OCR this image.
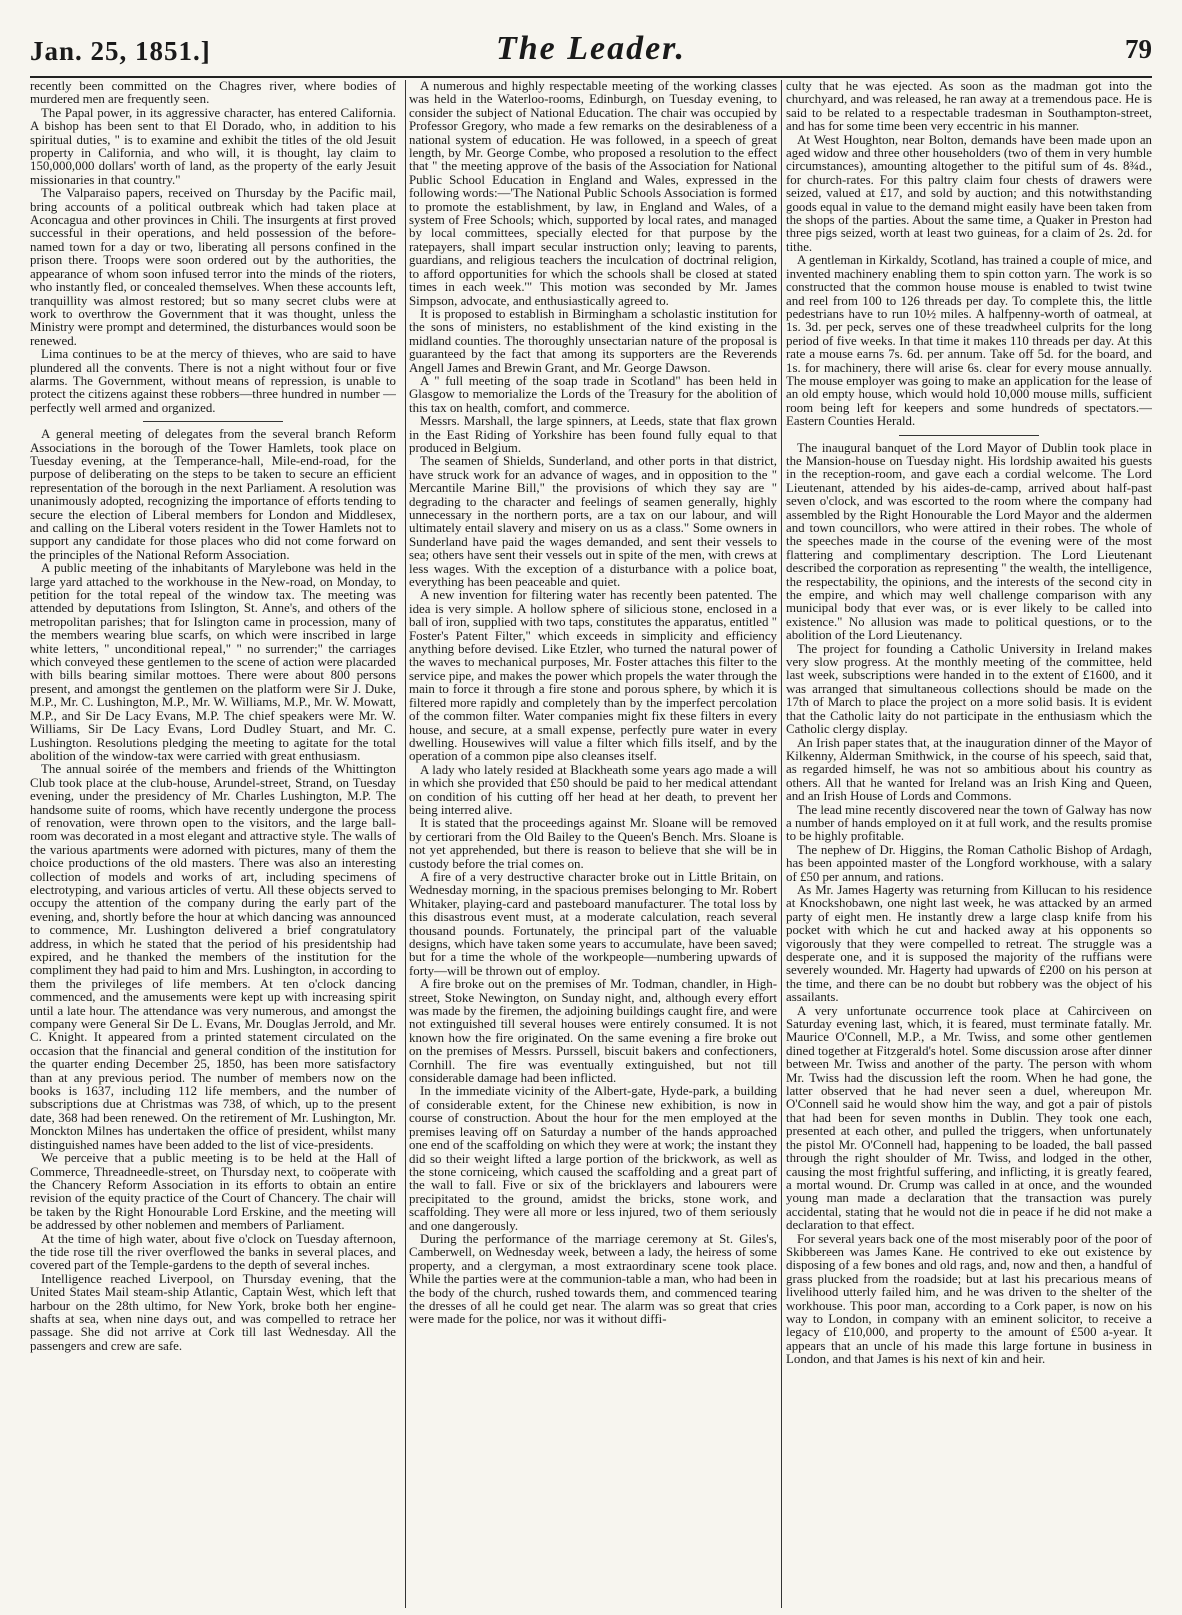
Jan. 25, 1851.]	The Leader.	79

recently been committed on the Chagres river, where bodies of murdered men are frequently seen.

The Papal power, in its aggressive character, has entered California. A bishop has been sent to that El Dorado, who, in addition to his spiritual duties, " is to examine and exhibit the titles of the old Jesuit property in California, and who will, it is thought, lay claim to 150,000,000 dollars' worth of land, as the property of the early Jesuit missionaries in that country."

The Valparaiso papers, received on Thursday by the Pacific mail, bring accounts of a political outbreak which had taken place at Aconcagua and other provinces in Chili. The insurgents at first proved successful in their operations, and held possession of the before-named town for a day or two, liberating all persons confined in the prison there. Troops were soon ordered out by the authorities, the appearance of whom soon infused terror into the minds of the rioters, who instantly fled, or concealed themselves. When these accounts left, tranquillity was almost restored; but so many secret clubs were at work to overthrow the Government that it was thought, unless the Ministry were prompt and determined, the disturbances would soon be renewed.

Lima continues to be at the mercy of thieves, who are said to have plundered all the convents. There is not a night without four or five alarms. The Government, without means of repression, is unable to protect the citizens against these robbers—three hundred in number —perfectly well armed and organized.

A general meeting of delegates from the several branch Reform Associations in the borough of the Tower Hamlets, took place on Tuesday evening, at the Temperance-hall, Mile-end-road, for the purpose of deliberating on the steps to be taken to secure an efficient representation of the borough in the next Parliament. A resolution was unanimously adopted, recognizing the importance of efforts tending to secure the election of Liberal members for London and Middlesex, and calling on the Liberal voters resident in the Tower Hamlets not to support any candidate for those places who did not come forward on the principles of the National Reform Association.

A public meeting of the inhabitants of Marylebone was held in the large yard attached to the workhouse in the New-road, on Monday, to petition for the total repeal of the window tax. The meeting was attended by deputations from Islington, St. Anne's, and others of the metropolitan parishes; that for Islington came in procession, many of the members wearing blue scarfs, on which were inscribed in large white letters, " unconditional repeal," " no surrender;" the carriages which conveyed these gentlemen to the scene of action were placarded with bills bearing similar mottoes. There were about 800 persons present, and amongst the gentlemen on the platform were Sir J. Duke, M.P., Mr. C. Lushington, M.P., Mr. W. Williams, M.P., Mr. W. Mowatt, M.P., and Sir De Lacy Evans, M.P. The chief speakers were Mr. W. Williams, Sir De Lacy Evans, Lord Dudley Stuart, and Mr. C. Lushington. Resolutions pledging the meeting to agitate for the total abolition of the window-tax were carried with great enthusiasm.

The annual soirée of the members and friends of the Whittington Club took place at the club-house, Arundel-street, Strand, on Tuesday evening, under the presidency of Mr. Charles Lushington, M.P. The handsome suite of rooms, which have recently undergone the process of renovation, were thrown open to the visitors, and the large ball-room was decorated in a most elegant and attractive style. The walls of the various apartments were adorned with pictures, many of them the choice productions of the old masters. There was also an interesting collection of models and works of art, including specimens of electrotyping, and various articles of vertu. All these objects served to occupy the attention of the company during the early part of the evening, and, shortly before the hour at which dancing was announced to commence, Mr. Lushington delivered a brief congratulatory address, in which he stated that the period of his presidentship had expired, and he thanked the members of the institution for the compliment they had paid to him and Mrs. Lushington, in according to them the privileges of life members. At ten o'clock dancing commenced, and the amusements were kept up with increasing spirit until a late hour. The attendance was very numerous, and amongst the company were General Sir De L. Evans, Mr. Douglas Jerrold, and Mr. C. Knight. It appeared from a printed statement circulated on the occasion that the financial and general condition of the institution for the quarter ending December 25, 1850, has been more satisfactory than at any previous period. The number of members now on the books is 1637, including 112 life members, and the number of subscriptions due at Christmas was 738, of which, up to the present date, 368 had been renewed. On the retirement of Mr. Lushington, Mr. Monckton Milnes has undertaken the office of president, whilst many distinguished names have been added to the list of vice-presidents.

We perceive that a public meeting is to be held at the Hall of Commerce, Threadneedle-street, on Thursday next, to coöperate with the Chancery Reform Association in its efforts to obtain an entire revision of the equity practice of the Court of Chancery. The chair will be taken by the Right Honourable Lord Erskine, and the meeting will be addressed by other noblemen and members of Parliament.

At the time of high water, about five o'clock on Tuesday afternoon, the tide rose till the river overflowed the banks in several places, and covered part of the Temple-gardens to the depth of several inches.

Intelligence reached Liverpool, on Thursday evening, that the United States Mail steam-ship Atlantic, Captain West, which left that harbour on the 28th ultimo, for New York, broke both her engine-shafts at sea, when nine days out, and was compelled to retrace her passage. She did not arrive at Cork till last Wednesday. All the passengers and crew are safe.

A numerous and highly respectable meeting of the working classes was held in the Waterloo-rooms, Edinburgh, on Tuesday evening, to consider the subject of National Education. The chair was occupied by Professor Gregory, who made a few remarks on the desirableness of a national system of education. He was followed, in a speech of great length, by Mr. George Combe, who proposed a resolution to the effect that " the meeting approve of the basis of the Association for National Public School Education in England and Wales, expressed in the following words:—'The National Public Schools Association is formed to promote the establishment, by law, in England and Wales, of a system of Free Schools; which, supported by local rates, and managed by local committees, specially elected for that purpose by the ratepayers, shall impart secular instruction only; leaving to parents, guardians, and religious teachers the inculcation of doctrinal religion, to afford opportunities for which the schools shall be closed at stated times in each week.'" This motion was seconded by Mr. James Simpson, advocate, and enthusiastically agreed to.

It is proposed to establish in Birmingham a scholastic institution for the sons of ministers, no establishment of the kind existing in the midland counties. The thoroughly unsectarian nature of the proposal is guaranteed by the fact that among its supporters are the Reverends Angell James and Brewin Grant, and Mr. George Dawson.

A " full meeting of the soap trade in Scotland" has been held in Glasgow to memorialize the Lords of the Treasury for the abolition of this tax on health, comfort, and commerce.

Messrs. Marshall, the large spinners, at Leeds, state that flax grown in the East Riding of Yorkshire has been found fully equal to that produced in Belgium.

The seamen of Shields, Sunderland, and other ports in that district, have struck work for an advance of wages, and in opposition to the " Mercantile Marine Bill," the provisions of which they say are " degrading to the character and feelings of seamen generally, highly unnecessary in the northern ports, are a tax on our labour, and will ultimately entail slavery and misery on us as a class." Some owners in Sunderland have paid the wages demanded, and sent their vessels to sea; others have sent their vessels out in spite of the men, with crews at less wages. With the exception of a disturbance with a police boat, everything has been peaceable and quiet.

A new invention for filtering water has recently been patented. The idea is very simple. A hollow sphere of silicious stone, enclosed in a ball of iron, supplied with two taps, constitutes the apparatus, entitled " Foster's Patent Filter," which exceeds in simplicity and efficiency anything before devised. Like Etzler, who turned the natural power of the waves to mechanical purposes, Mr. Foster attaches this filter to the service pipe, and makes the power which propels the water through the main to force it through a fire stone and porous sphere, by which it is filtered more rapidly and completely than by the imperfect percolation of the common filter. Water companies might fix these filters in every house, and secure, at a small expense, perfectly pure water in every dwelling. Housewives will value a filter which fills itself, and by the operation of a common pipe also cleanses itself.

A lady who lately resided at Blackheath some years ago made a will in which she provided that £50 should be paid to her medical attendant on condition of his cutting off her head at her death, to prevent her being interred alive.

It is stated that the proceedings against Mr. Sloane will be removed by certiorari from the Old Bailey to the Queen's Bench. Mrs. Sloane is not yet apprehended, but there is reason to believe that she will be in custody before the trial comes on.

A fire of a very destructive character broke out in Little Britain, on Wednesday morning, in the spacious premises belonging to Mr. Robert Whitaker, playing-card and pasteboard manufacturer. The total loss by this disastrous event must, at a moderate calculation, reach several thousand pounds. Fortunately, the principal part of the valuable designs, which have taken some years to accumulate, have been saved; but for a time the whole of the workpeople—numbering upwards of forty—will be thrown out of employ.

A fire broke out on the premises of Mr. Todman, chandler, in High-street, Stoke Newington, on Sunday night, and, although every effort was made by the firemen, the adjoining buildings caught fire, and were not extinguished till several houses were entirely consumed. It is not known how the fire originated. On the same evening a fire broke out on the premises of Messrs. Purssell, biscuit bakers and confectioners, Cornhill. The fire was eventually extinguished, but not till considerable damage had been inflicted.

In the immediate vicinity of the Albert-gate, Hyde-park, a building of considerable extent, for the Chinese new exhibition, is now in course of construction. About the hour for the men employed at the premises leaving off on Saturday a number of the hands approached one end of the scaffolding on which they were at work; the instant they did so their weight lifted a large portion of the brickwork, as well as the stone corniceing, which caused the scaffolding and a great part of the wall to fall. Five or six of the bricklayers and labourers were precipitated to the ground, amidst the bricks, stone work, and scaffolding. They were all more or less injured, two of them seriously and one dangerously.

During the performance of the marriage ceremony at St. Giles's, Camberwell, on Wednesday week, between a lady, the heiress of some property, and a clergyman, a most extraordinary scene took place. While the parties were at the communion-table a man, who had been in the body of the church, rushed towards them, and commenced tearing the dresses of all he could get near. The alarm was so great that cries were made for the police, nor was it without diffi-

culty that he was ejected. As soon as the madman got into the churchyard, and was released, he ran away at a tremendous pace. He is said to be related to a respectable tradesman in Southampton-street, and has for some time been very eccentric in his manner.

At West Houghton, near Bolton, demands have been made upon an aged widow and three other householders (two of them in very humble circumstances), amounting altogether to the pitiful sum of 4s. 8¾d., for church-rates. For this paltry claim four chests of drawers were seized, valued at £17, and sold by auction; and this notwithstanding goods equal in value to the demand might easily have been taken from the shops of the parties. About the same time, a Quaker in Preston had three pigs seized, worth at least two guineas, for a claim of 2s. 2d. for tithe.

A gentleman in Kirkaldy, Scotland, has trained a couple of mice, and invented machinery enabling them to spin cotton yarn. The work is so constructed that the common house mouse is enabled to twist twine and reel from 100 to 126 threads per day. To complete this, the little pedestrians have to run 10½ miles. A halfpenny-worth of oatmeal, at 1s. 3d. per peck, serves one of these treadwheel culprits for the long period of five weeks. In that time it makes 110 threads per day. At this rate a mouse earns 7s. 6d. per annum. Take off 5d. for the board, and 1s. for machinery, there will arise 6s. clear for every mouse annually. The mouse employer was going to make an application for the lease of an old empty house, which would hold 10,000 mouse mills, sufficient room being left for keepers and some hundreds of spectators.—Eastern Counties Herald.

The inaugural banquet of the Lord Mayor of Dublin took place in the Mansion-house on Tuesday night. His lordship awaited his guests in the reception-room, and gave each a cordial welcome. The Lord Lieutenant, attended by his aides-de-camp, arrived about half-past seven o'clock, and was escorted to the room where the company had assembled by the Right Honourable the Lord Mayor and the aldermen and town councillors, who were attired in their robes. The whole of the speeches made in the course of the evening were of the most flattering and complimentary description. The Lord Lieutenant described the corporation as representing " the wealth, the intelligence, the respectability, the opinions, and the interests of the second city in the empire, and which may well challenge comparison with any municipal body that ever was, or is ever likely to be called into existence." No allusion was made to political questions, or to the abolition of the Lord Lieutenancy.

The project for founding a Catholic University in Ireland makes very slow progress. At the monthly meeting of the committee, held last week, subscriptions were handed in to the extent of £1600, and it was arranged that simultaneous collections should be made on the 17th of March to place the project on a more solid basis. It is evident that the Catholic laity do not participate in the enthusiasm which the Catholic clergy display.

An Irish paper states that, at the inauguration dinner of the Mayor of Kilkenny, Alderman Smithwick, in the course of his speech, said that, as regarded himself, he was not so ambitious about his country as others. All that he wanted for Ireland was an Irish King and Queen, and an Irish House of Lords and Commons.

The lead mine recently discovered near the town of Galway has now a number of hands employed on it at full work, and the results promise to be highly profitable.

The nephew of Dr. Higgins, the Roman Catholic Bishop of Ardagh, has been appointed master of the Longford workhouse, with a salary of £50 per annum, and rations.

As Mr. James Hagerty was returning from Killucan to his residence at Knockshobawn, one night last week, he was attacked by an armed party of eight men. He instantly drew a large clasp knife from his pocket with which he cut and hacked away at his opponents so vigorously that they were compelled to retreat. The struggle was a desperate one, and it is supposed the majority of the ruffians were severely wounded. Mr. Hagerty had upwards of £200 on his person at the time, and there can be no doubt but robbery was the object of his assailants.

A very unfortunate occurrence took place at Cahirciveen on Saturday evening last, which, it is feared, must terminate fatally. Mr. Maurice O'Connell, M.P., a Mr. Twiss, and some other gentlemen dined together at Fitzgerald's hotel. Some discussion arose after dinner between Mr. Twiss and another of the party. The person with whom Mr. Twiss had the discussion left the room. When he had gone, the latter observed that he had never seen a duel, whereupon Mr. O'Connell said he would show him the way, and got a pair of pistols that had been for seven months in Dublin. They took one each, presented at each other, and pulled the triggers, when unfortunately the pistol Mr. O'Connell had, happening to be loaded, the ball passed through the right shoulder of Mr. Twiss, and lodged in the other, causing the most frightful suffering, and inflicting, it is greatly feared, a mortal wound. Dr. Crump was called in at once, and the wounded young man made a declaration that the transaction was purely accidental, stating that he would not die in peace if he did not make a declaration to that effect.

For several years back one of the most miserably poor of the poor of Skibbereen was James Kane. He contrived to eke out existence by disposing of a few bones and old rags, and, now and then, a handful of grass plucked from the roadside; but at last his precarious means of livelihood utterly failed him, and he was driven to the shelter of the workhouse. This poor man, according to a Cork paper, is now on his way to London, in company with an eminent solicitor, to receive a legacy of £10,000, and property to the amount of £500 a-year. It appears that an uncle of his made this large fortune in business in London, and that James is his next of kin and heir.
